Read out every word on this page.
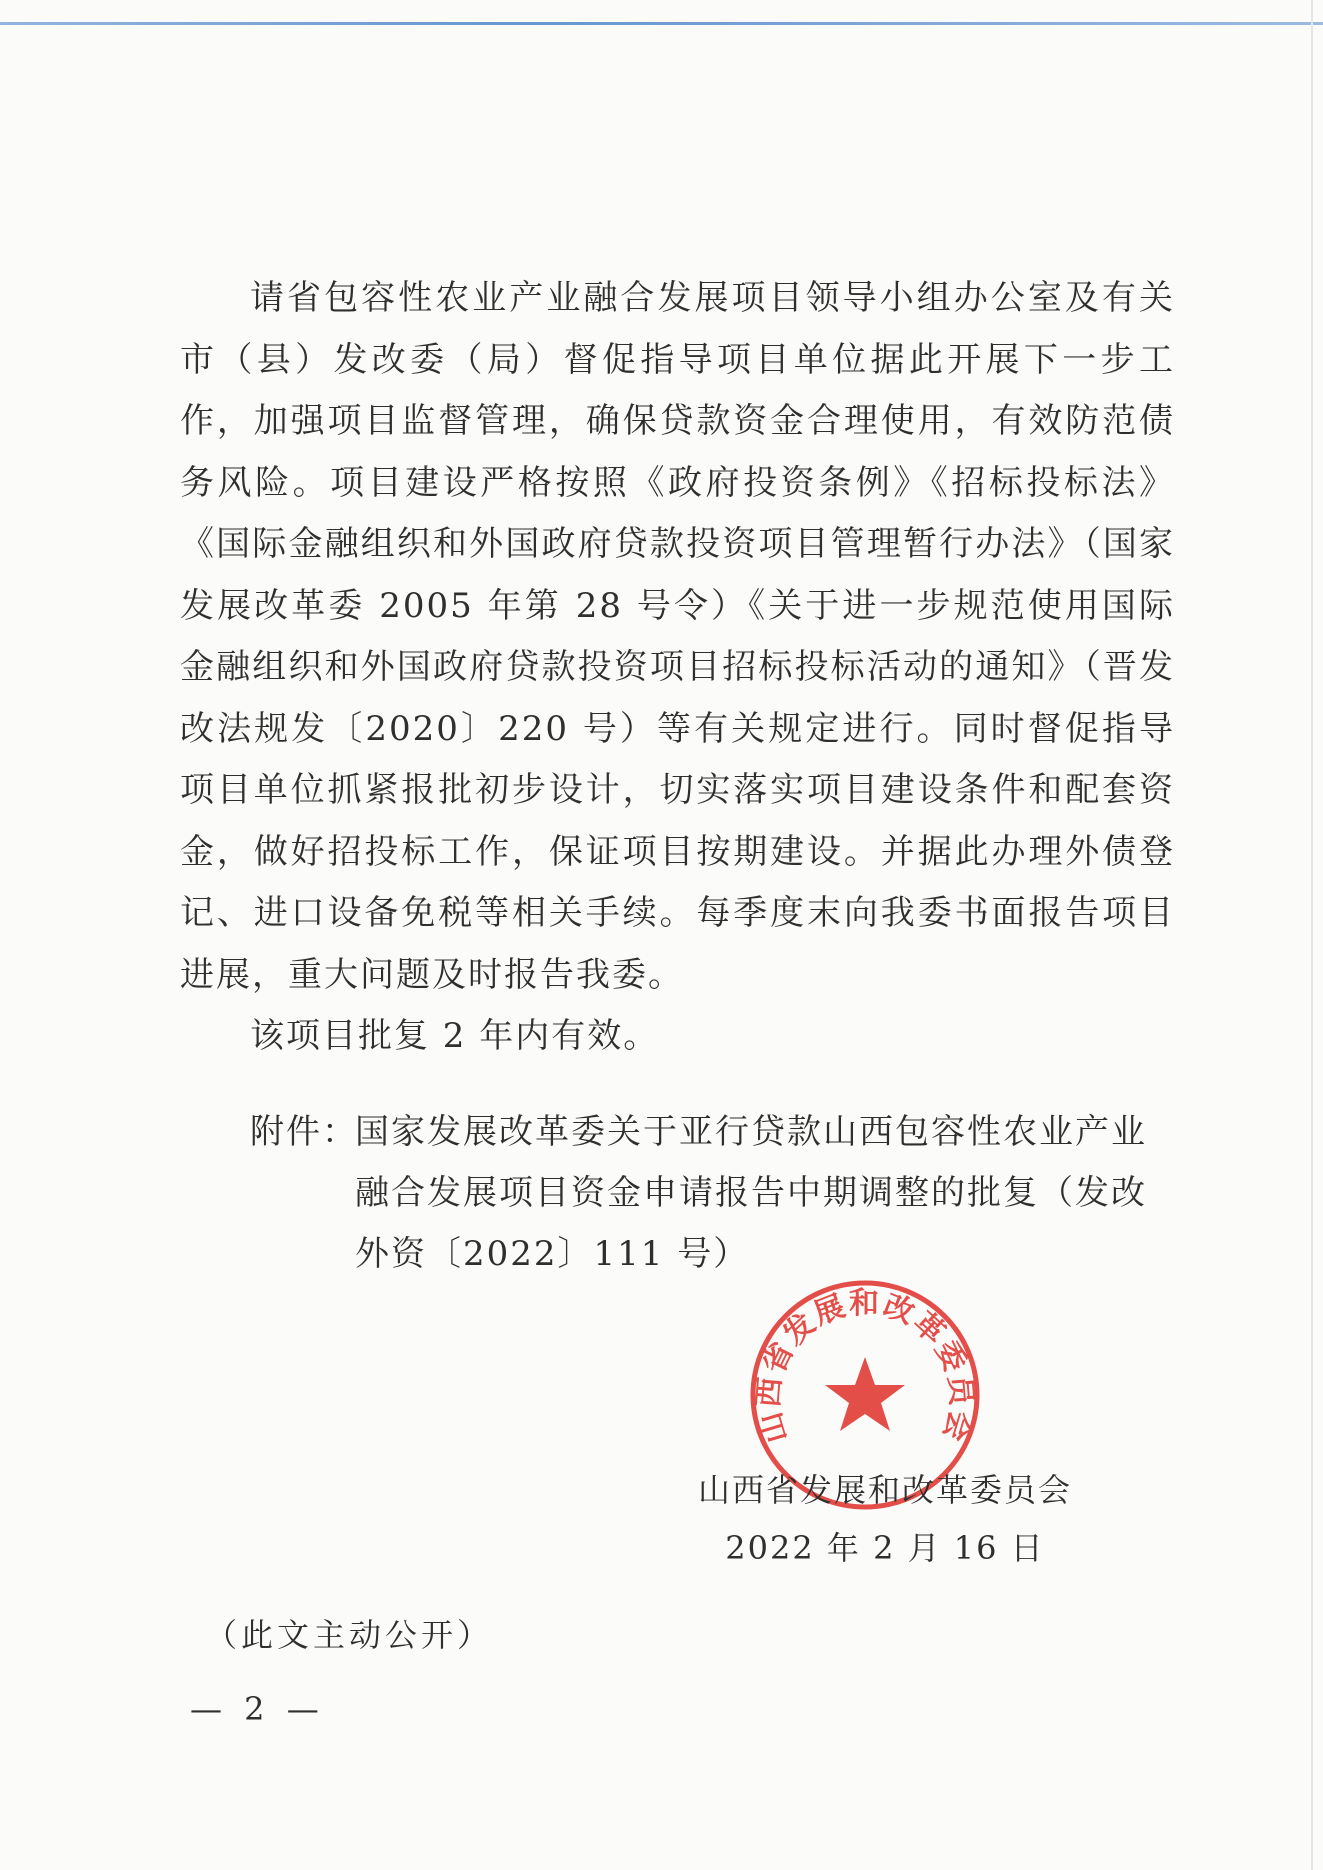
请省包容性农业产业融合发展项目领导小组办公室及有关市（县）发改委（局）督促指导项目单位据此开展下一步工作，加强项目监督管理，确保贷款资金合理使用，有效防范债务风险。项目建设严格按照《政府投资条例》《招标投标法》《国际金融组织和外国政府贷款投资项目管理暂行办法》（国家发展改革委 2005 年第 28 号令）《关于进一步规范使用国际金融组织和外国政府贷款投资项目招标投标活动的通知》（晋发改法规发〔2020〕220 号）等有关规定进行。同时督促指导项目单位抓紧报批初步设计，切实落实项目建设条件和配套资金，做好招投标工作，保证项目按期建设。并据此办理外债登记、进口设备免税等相关手续。每季度末向我委书面报告项目进展，重大问题及时报告我委。

该项目批复 2 年内有效。

附件：
国家发展改革委关于亚行贷款山西包容性农业产业融合发展项目资金申请报告中期调整的批复（发改外资〔2022〕111 号）
山西省发展和改革委员会
山西省发展和改革委员会
2022 年 2 月 16 日
（此文主动公开）
— 2 —
